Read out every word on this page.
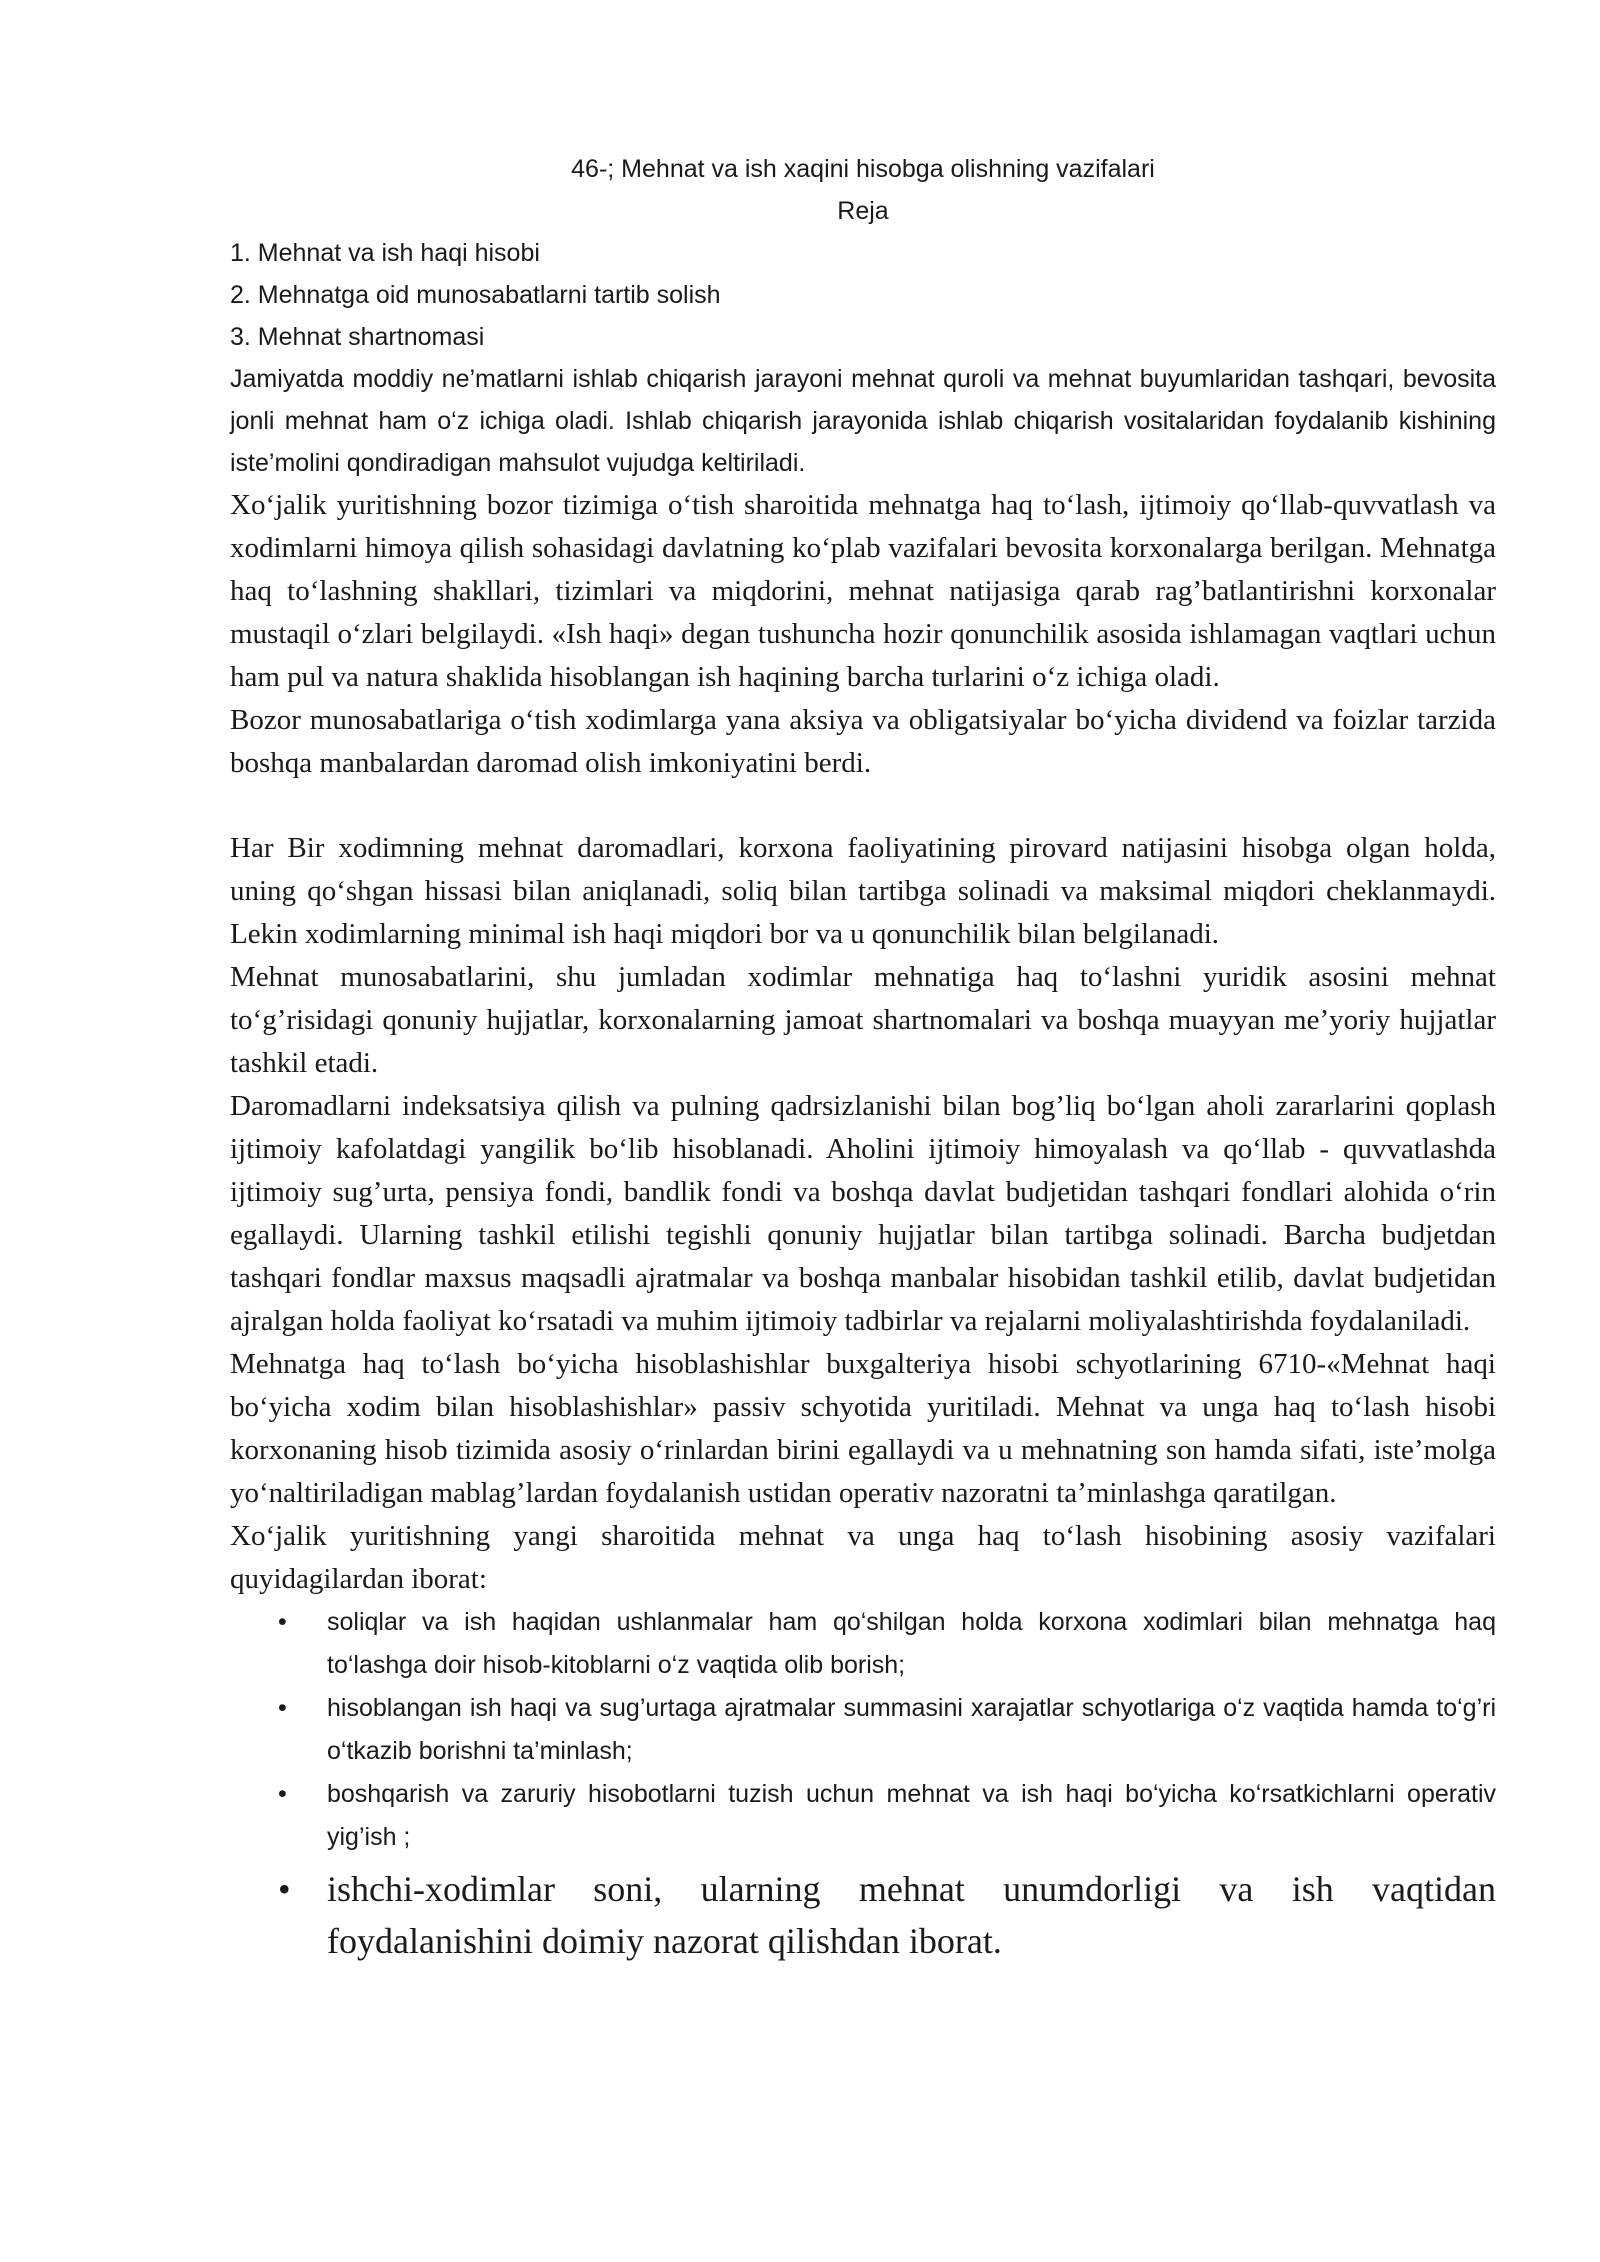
46-; Mehnat va ish xaqini hisobga olishning vazifalari

Reja

1. Mehnat va ish haqi hisobi

2. Mehnatga oid munosabatlarni tartib solish

3. Mehnat shartnomasi

Jamiyatda moddiy ne’matlarni ishlab chiqarish jarayoni mehnat quroli va mehnat buyumlaridan tashqari, bevosita jonli mehnat ham o‘z ichiga oladi. Ishlab chiqarish jarayonida ishlab chiqarish vositalaridan foydalanib kishining iste’molini qondiradigan mahsulot vujudga keltiriladi.

Xo‘jalik yuritishning bozor tizimiga o‘tish sharoitida mehnatga haq to‘lash, ijtimoiy qo‘llab-quvvatlash va xodimlarni himoya qilish sohasidagi davlatning ko‘plab vazifalari bevosita korxonalarga berilgan. Mehnatga haq to‘lashning shakllari, tizimlari va miqdorini, mehnat natijasiga qarab rag’batlantirishni korxonalar mustaqil o‘zlari belgilaydi. «Ish haqi» degan tushuncha hozir qonunchilik asosida ishlamagan vaqtlari uchun ham pul va natura shaklida hisoblangan ish haqining barcha turlarini o‘z ichiga oladi.

Bozor munosabatlariga o‘tish xodimlarga yana aksiya va obligatsiyalar bo‘yicha dividend va foizlar tarzida boshqa manbalardan daromad olish imkoniyatini berdi.

Har Bir xodimning mehnat daromadlari, korxona faoliyatining pirovard natijasini hisobga olgan holda, uning qo‘shgan hissasi bilan aniqlanadi, soliq bilan tartibga solinadi va maksimal miqdori cheklanmaydi. Lekin xodimlarning minimal ish haqi miqdori bor va u qonunchilik bilan belgilanadi.

Mehnat munosabatlarini, shu jumladan xodimlar mehnatiga haq to‘lashni yuridik asosini mehnat to‘g’risidagi qonuniy hujjatlar, korxonalarning jamoat shartnomalari va boshqa muayyan me’yoriy hujjatlar tashkil etadi.

Daromadlarni indeksatsiya qilish va pulning qadrsizlanishi bilan bog’liq bo‘lgan aholi zararlarini qoplash ijtimoiy kafolatdagi yangilik bo‘lib hisoblanadi. Aholini ijtimoiy himoyalash va qo‘llab - quvvatlashda ijtimoiy sug’urta, pensiya fondi, bandlik fondi va boshqa davlat budjetidan tashqari fondlari alohida o‘rin egallaydi. Ularning tashkil etilishi tegishli qonuniy hujjatlar bilan tartibga solinadi. Barcha budjetdan tashqari fondlar maxsus maqsadli ajratmalar va boshqa manbalar hisobidan tashkil etilib, davlat budjetidan ajralgan holda faoliyat ko‘rsatadi va muhim ijtimoiy tadbirlar va rejalarni moliyalashtirishda foydalaniladi.

Mehnatga haq to‘lash bo‘yicha hisoblashishlar buxgalteriya hisobi schyotlarining 6710-«Mehnat haqi bo‘yicha xodim bilan hisoblashishlar» passiv schyotida yuritiladi. Mehnat va unga haq to‘lash hisobi korxonaning hisob tizimida asosiy o‘rinlardan birini egallaydi va u mehnatning son hamda sifati, iste’molga yo‘naltiriladigan mablag’lardan foydalanish ustidan operativ nazoratni ta’minlashga qaratilgan.

Xo‘jalik yuritishning yangi sharoitida mehnat va unga haq to‘lash hisobining asosiy vazifalari quyidagilardan iborat:

• soliqlar va ish haqidan ushlanmalar ham qo‘shilgan holda korxona xodimlari bilan mehnatga haq to‘lashga doir hisob-kitoblarni o‘z vaqtida olib borish;
• hisoblangan ish haqi va sug’urtaga ajratmalar summasini xarajatlar schyotlariga o‘z vaqtida hamda to‘g’ri o‘tkazib borishni ta’minlash;
• boshqarish va zaruriy hisobotlarni tuzish uchun mehnat va ish haqi bo‘yicha ko‘rsatkichlarni operativ yig’ish ;
• ishchi-xodimlar soni, ularning mehnat unumdorligi va ish vaqtidan foydalanishini doimiy nazorat qilishdan iborat.
